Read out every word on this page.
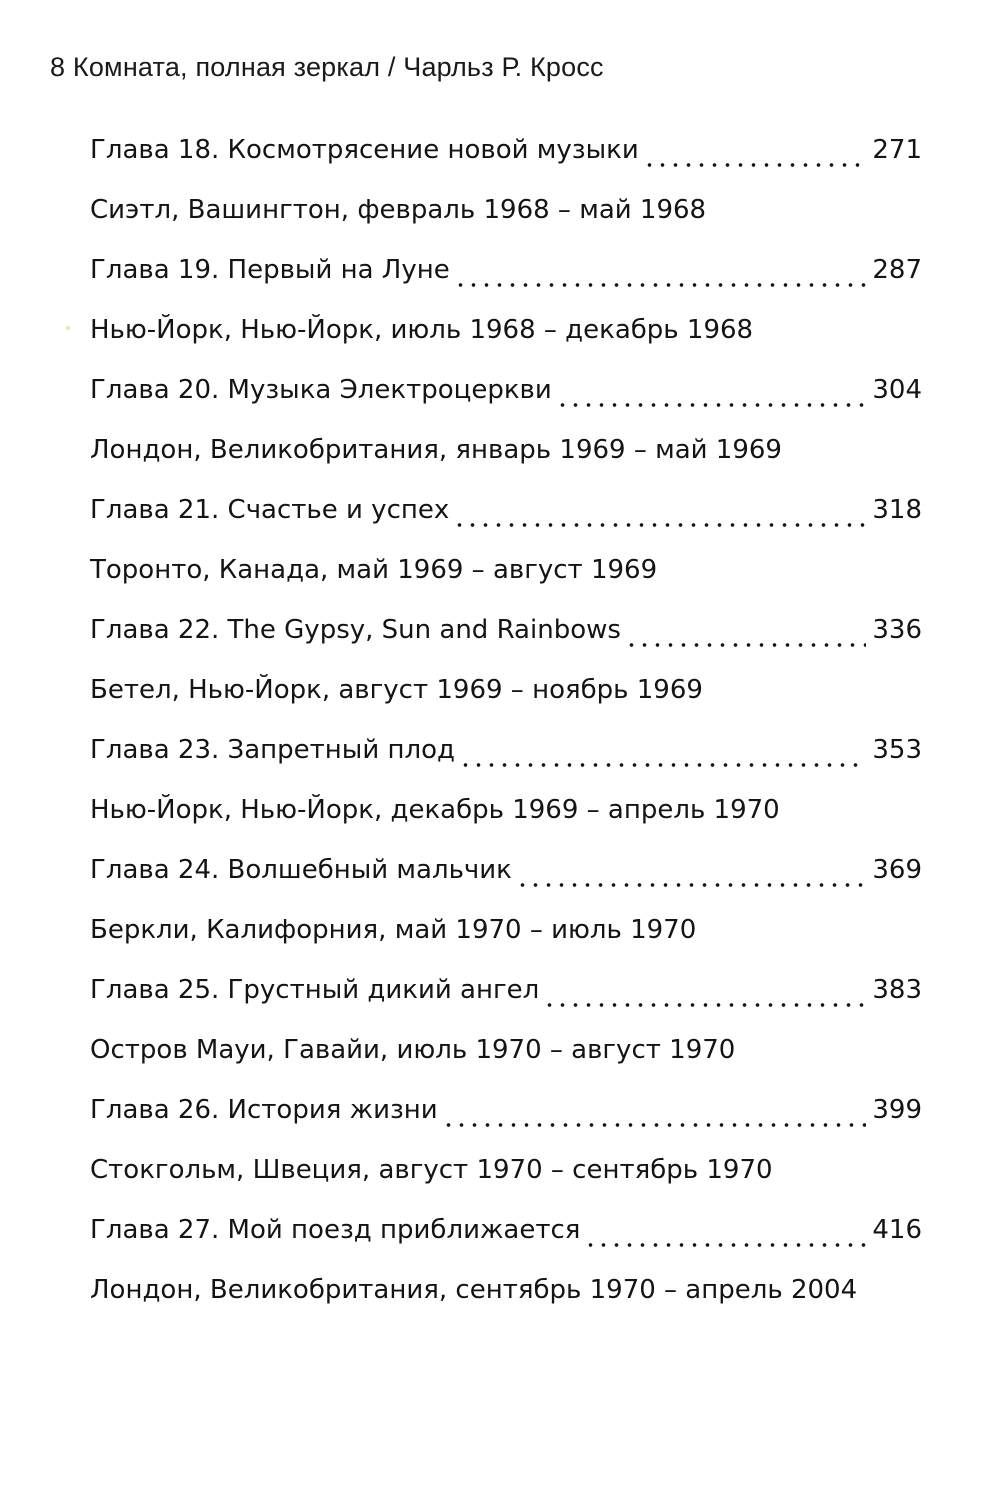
8 Комната, полная зеркал / Чарльз Р. Кросс
Глава 18. Космотрясение новой музыки	271
Сиэтл, Вашингтон, февраль 1968 – май 1968
Глава 19. Первый на Луне	287
Нью-Йорк, Нью-Йорк, июль 1968 – декабрь 1968
Глава 20. Музыка Электроцеркви	304
Лондон, Великобритания, январь 1969 – май 1969
Глава 21. Счастье и успех	318
Торонто, Канада, май 1969 – август 1969
Глава 22. The Gypsy, Sun and Rainbows	336
Бетел, Нью-Йорк, август 1969 – ноябрь 1969
Глава 23. Запретный плод	353
Нью-Йорк, Нью-Йорк, декабрь 1969 – апрель 1970
Глава 24. Волшебный мальчик	369
Беркли, Калифорния, май 1970 – июль 1970
Глава 25. Грустный дикий ангел	383
Остров Мауи, Гавайи, июль 1970 – август 1970
Глава 26. История жизни	399
Стокгольм, Швеция, август 1970 – сентябрь 1970
Глава 27. Мой поезд приближается	416
Лондон, Великобритания, сентябрь 1970 – апрель 2004
